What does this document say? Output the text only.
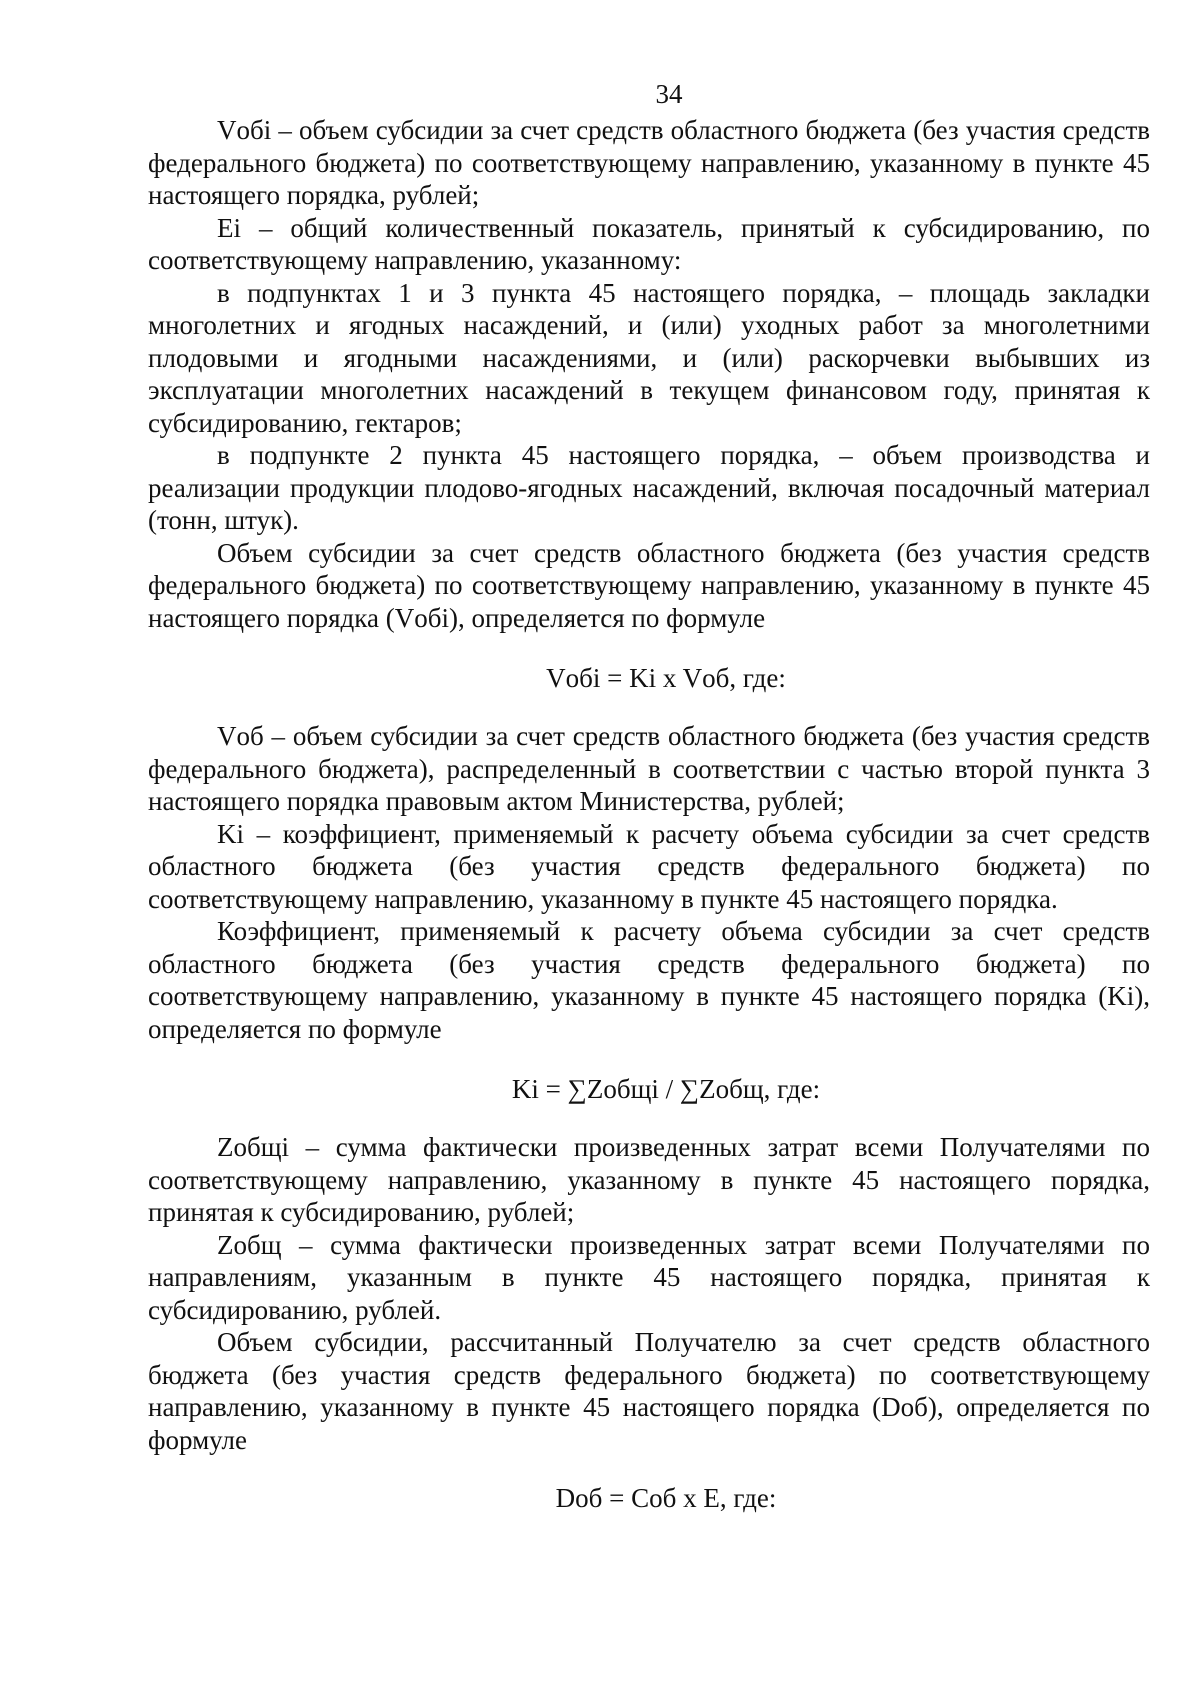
34

Vобi – объем субсидии за счет средств областного бюджета (без участия средств федерального бюджета) по соответствующему направлению, указанному в пункте 45 настоящего порядка, рублей;

Ei – общий количественный показатель, принятый к субсидированию, по соответствующему направлению, указанному:

в подпунктах 1 и 3 пункта 45 настоящего порядка, – площадь закладки многолетних и ягодных насаждений, и (или) уходных работ за многолетними плодовыми и ягодными насаждениями, и (или) раскорчевки выбывших из эксплуатации многолетних насаждений в текущем финансовом году, принятая к субсидированию, гектаров;

в подпункте 2 пункта 45 настоящего порядка, – объем производства и реализации продукции плодово-ягодных насаждений, включая посадочный материал (тонн, штук).

Объем субсидии за счет средств областного бюджета (без участия средств федерального бюджета) по соответствующему направлению, указанному в пункте 45 настоящего порядка (Vобi), определяется по формуле

Vобi = Ki x Vоб, где:

Vоб – объем субсидии за счет средств областного бюджета (без участия средств федерального бюджета), распределенный в соответствии с частью второй пункта 3 настоящего порядка правовым актом Министерства, рублей;

Ki – коэффициент, применяемый к расчету объема субсидии за счет средств областного бюджета (без участия средств федерального бюджета) по соответствующему направлению, указанному в пункте 45 настоящего порядка.

Коэффициент, применяемый к расчету объема субсидии за счет средств областного бюджета (без участия средств федерального бюджета) по соответствующему направлению, указанному в пункте 45 настоящего порядка (Ki), определяется по формуле

Ki = ∑Zобщi / ∑Zобщ, где:

Zобщi – сумма фактически произведенных затрат всеми Получателями по соответствующему направлению, указанному в пункте 45 настоящего порядка, принятая к субсидированию, рублей;

Zобщ – сумма фактически произведенных затрат всеми Получателями по направлениям, указанным в пункте 45 настоящего порядка, принятая к субсидированию, рублей.

Объем субсидии, рассчитанный Получателю за счет средств областного бюджета (без участия средств федерального бюджета) по соответствующему направлению, указанному в пункте 45 настоящего порядка (Dоб), определяется по формуле

Dоб = Cоб x E, где:
